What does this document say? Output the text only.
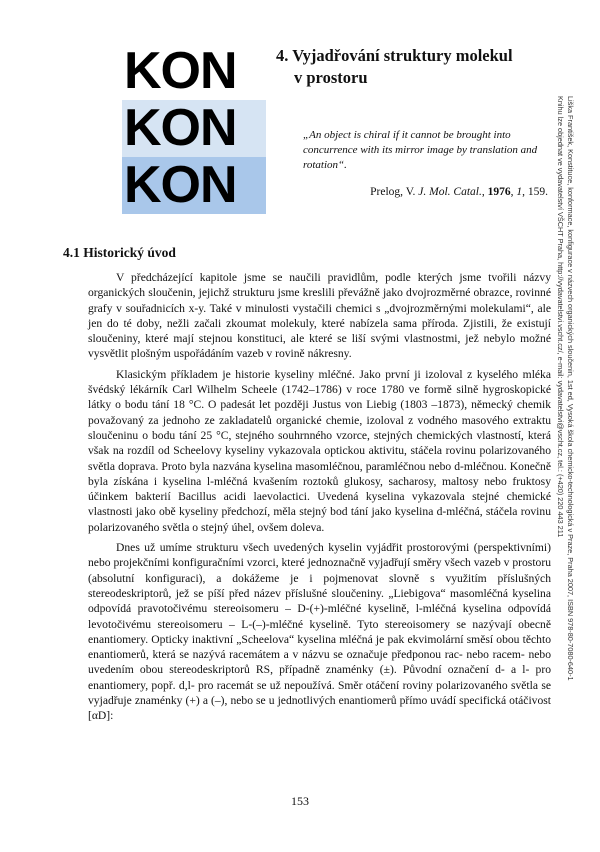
KON
KON
KON
4. Vyjadřování struktury molekul
v prostoru
„An object is chiral if it cannot be brought into concurrence with its mirror image by translation and rotation“.
Prelog, V. J. Mol. Catal., 1976, 1, 159.
4.1 Historický úvod

V předcházející kapitole jsme se naučili pravidlům, podle kterých jsme tvořili názvy organických sloučenin, jejichž strukturu jsme kreslili převážně jako dvojrozměrné obrazce, rovinné grafy v souřadnicích x-y. Také v minulosti vystačili chemici s „dvojrozměrnými molekulami“, ale jen do té doby, nežli začali zkoumat molekuly, které nabízela sama příroda. Zjistili, že existují sloučeniny, které mají stejnou konstituci, ale které se liší svými vlastnostmi, jež nebylo možné vysvětlit plošným uspořádáním vazeb v rovině nákresny.

Klasickým příkladem je historie kyseliny mléčné. Jako první ji izoloval z kyselého mléka švédský lékárník Carl Wilhelm Scheele (1742–1786) v roce 1780 ve formě silně hygroskopické látky o bodu tání 18 °C. O padesát let později Justus von Liebig (1803 –1873), německý chemik považovaný za jednoho ze zakladatelů organické chemie, izoloval z vodného masového extraktu sloučeninu o bodu tání 25 °C, stejného souhrnného vzorce, stejných chemických vlastností, která však na rozdíl od Scheelovy kyseliny vykazovala optickou aktivitu, stáčela rovinu polarizovaného světla doprava. Proto byla nazvána kyselina masomléčnou, paramléčnou nebo d-mléčnou. Konečně byla získána i kyselina l-mléčná kvašením roztoků glukosy, sacharosy, maltosy nebo fruktosy účinkem bakterií Bacillus acidi laevolactici. Uvedená kyselina vykazovala stejné chemické vlastnosti jako obě kyseliny předchozí, měla stejný bod tání jako kyselina d-mléčná, stáčela rovinu polarizovaného světla o stejný úhel, ovšem doleva.

Dnes už umíme strukturu všech uvedených kyselin vyjádřit prostorovými (perspektivními) nebo projekčními konfiguračními vzorci, které jednoznačně vyjadřují směry všech vazeb v prostoru (absolutní konfiguraci), a dokážeme je i pojmenovat slovně s využitím příslušných stereodeskriptorů, jež se píší před název příslušné sloučeniny. „Liebigova“ masomléčná kyselina odpovídá pravotočivému stereoisomeru – D-(+)-mléčné kyselině, l-mléčná kyselina odpovídá levotočivému stereoisomeru – L-(–)-mléčné kyselině. Tyto stereoisomery se nazývají obecně enantiomery. Opticky inaktivní „Scheelova“ kyselina mléčná je pak ekvimolární směsí obou těchto enantiomerů, která se nazývá racemátem a v názvu se označuje předponou rac- nebo racem- nebo uvedením obou stereodeskriptorů RS, případně znaménky (±). Původní označení d- a l- pro enantiomery, popř. d,l- pro racemát se už nepoužívá. Směr otáčení roviny polarizovaného světla se vyjadřuje znaménky (+) a (–), nebo se u jednotlivých enantiomerů přímo uvádí specifická otáčivost [αD]:

153
Liška František, Konstituce, konformace, konfigurace v názvech organických sloučenin, 1st ed, Vysoká škola chemicko-technologická v Praze, Praha 2007, ISBN 978-80-7080-640-1
Knihu lze objednat ve vydavatelství VŠCHT Praha, http://vydavatelstvi.vscht.cz/, e-mail: vydavatelstvi@vscht.cz, tel.: (+420) 220 443 211
